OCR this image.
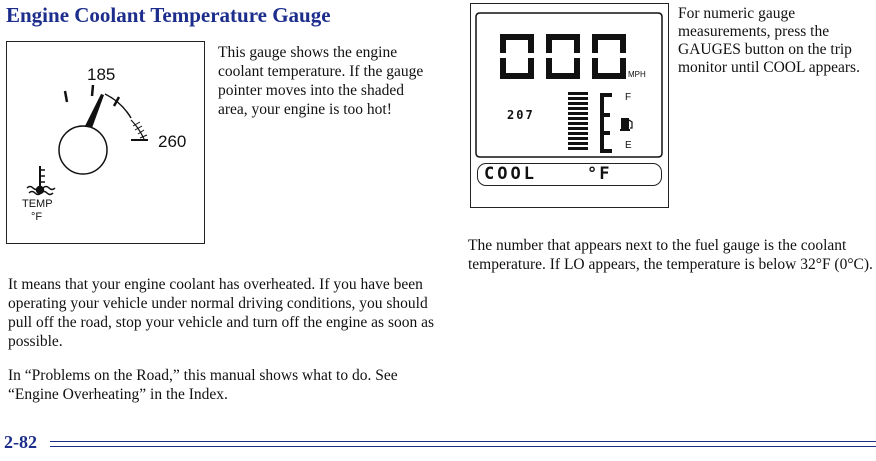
Engine Coolant Temperature Gauge
185
260
TEMP
°F

This gauge shows the engine coolant temperature. If the gauge pointer moves into the shaded area, your engine is too hot!	207
MPH
F
E
COOL	°F

For numeric gauge measurements, press the GAUGES button on the trip monitor until COOL appears.

It means that your engine coolant has overheated. If you have been operating your vehicle under normal driving conditions, you should pull off the road, stop your vehicle and turn off the engine as soon as possible.

In “Problems on the Road,” this manual shows what to do. See “Engine Overheating” in the Index.

The number that appears next to the fuel gauge is the coolant temperature. If LO appears, the temperature is below 32°F (0°C).

2-82
